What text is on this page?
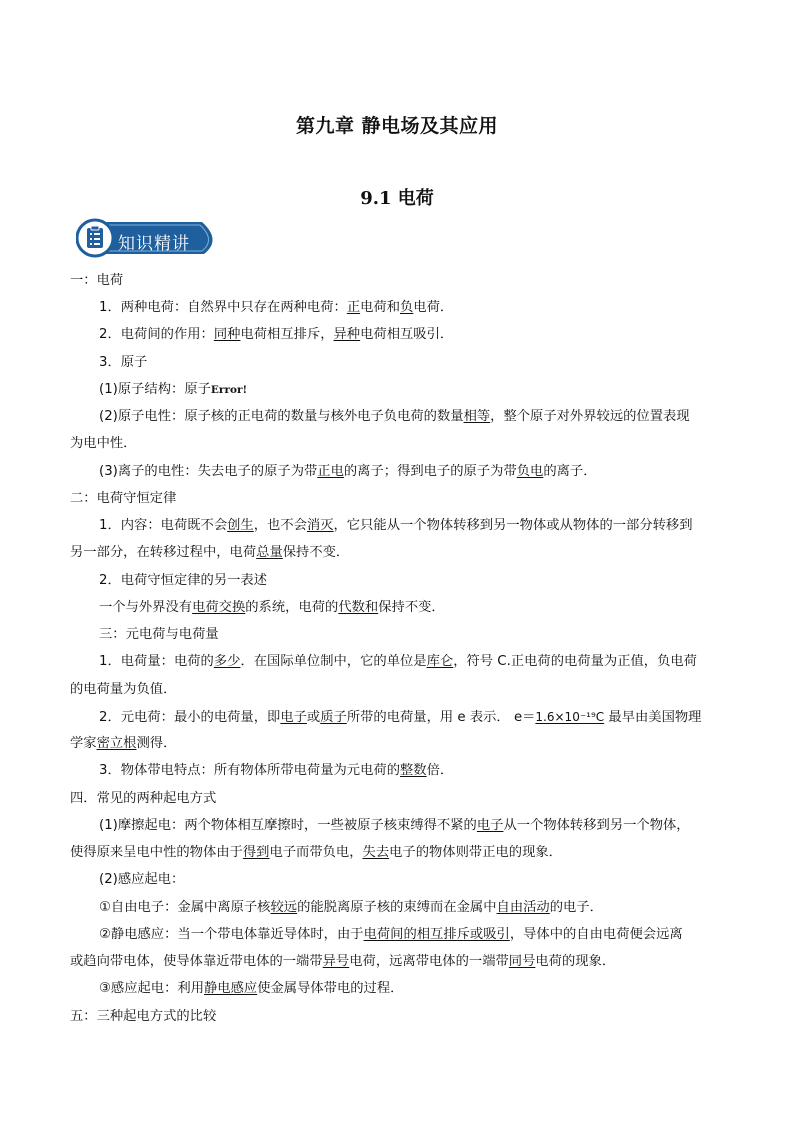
第九章 静电场及其应用
9.1 电荷
知识精讲
一：电荷
1．两种电荷：自然界中只存在两种电荷：正电荷和负电荷．
2．电荷间的作用：同种电荷相互排斥，异种电荷相互吸引．
3．原子
(1)原子结构：原子Error!
(2)原子电性：原子核的正电荷的数量与核外电子负电荷的数量相等，整个原子对外界较远的位置表现
为电中性．
(3)离子的电性：失去电子的原子为带正电的离子；得到电子的原子为带负电的离子．
二：电荷守恒定律
1．内容：电荷既不会创生，也不会消灭，它只能从一个物体转移到另一物体或从物体的一部分转移到
另一部分，在转移过程中，电荷总量保持不变．
2．电荷守恒定律的另一表述
一个与外界没有电荷交换的系统，电荷的代数和保持不变．
三：元电荷与电荷量
1．电荷量：电荷的多少．在国际单位制中，它的单位是库仑，符号 C.正电荷的电荷量为正值，负电荷
的电荷量为负值．
2．元电荷：最小的电荷量，即电子或质子所带的电荷量，用 e 表示． e＝1.6×10⁻¹⁹C 最早由美国物理
学家密立根测得．
3．物体带电特点：所有物体所带电荷量为元电荷的整数倍．
四．常见的两种起电方式
(1)摩擦起电：两个物体相互摩擦时，一些被原子核束缚得不紧的电子从一个物体转移到另一个物体，
使得原来呈电中性的物体由于得到电子而带负电，失去电子的物体则带正电的现象．
(2)感应起电：
①自由电子：金属中离原子核较远的能脱离原子核的束缚而在金属中自由活动的电子．
②静电感应：当一个带电体靠近导体时，由于电荷间的相互排斥或吸引，导体中的自由电荷便会远离
或趋向带电体，使导体靠近带电体的一端带异号电荷，远离带电体的一端带同号电荷的现象．
③感应起电：利用静电感应使金属导体带电的过程．
五：三种起电方式的比较
